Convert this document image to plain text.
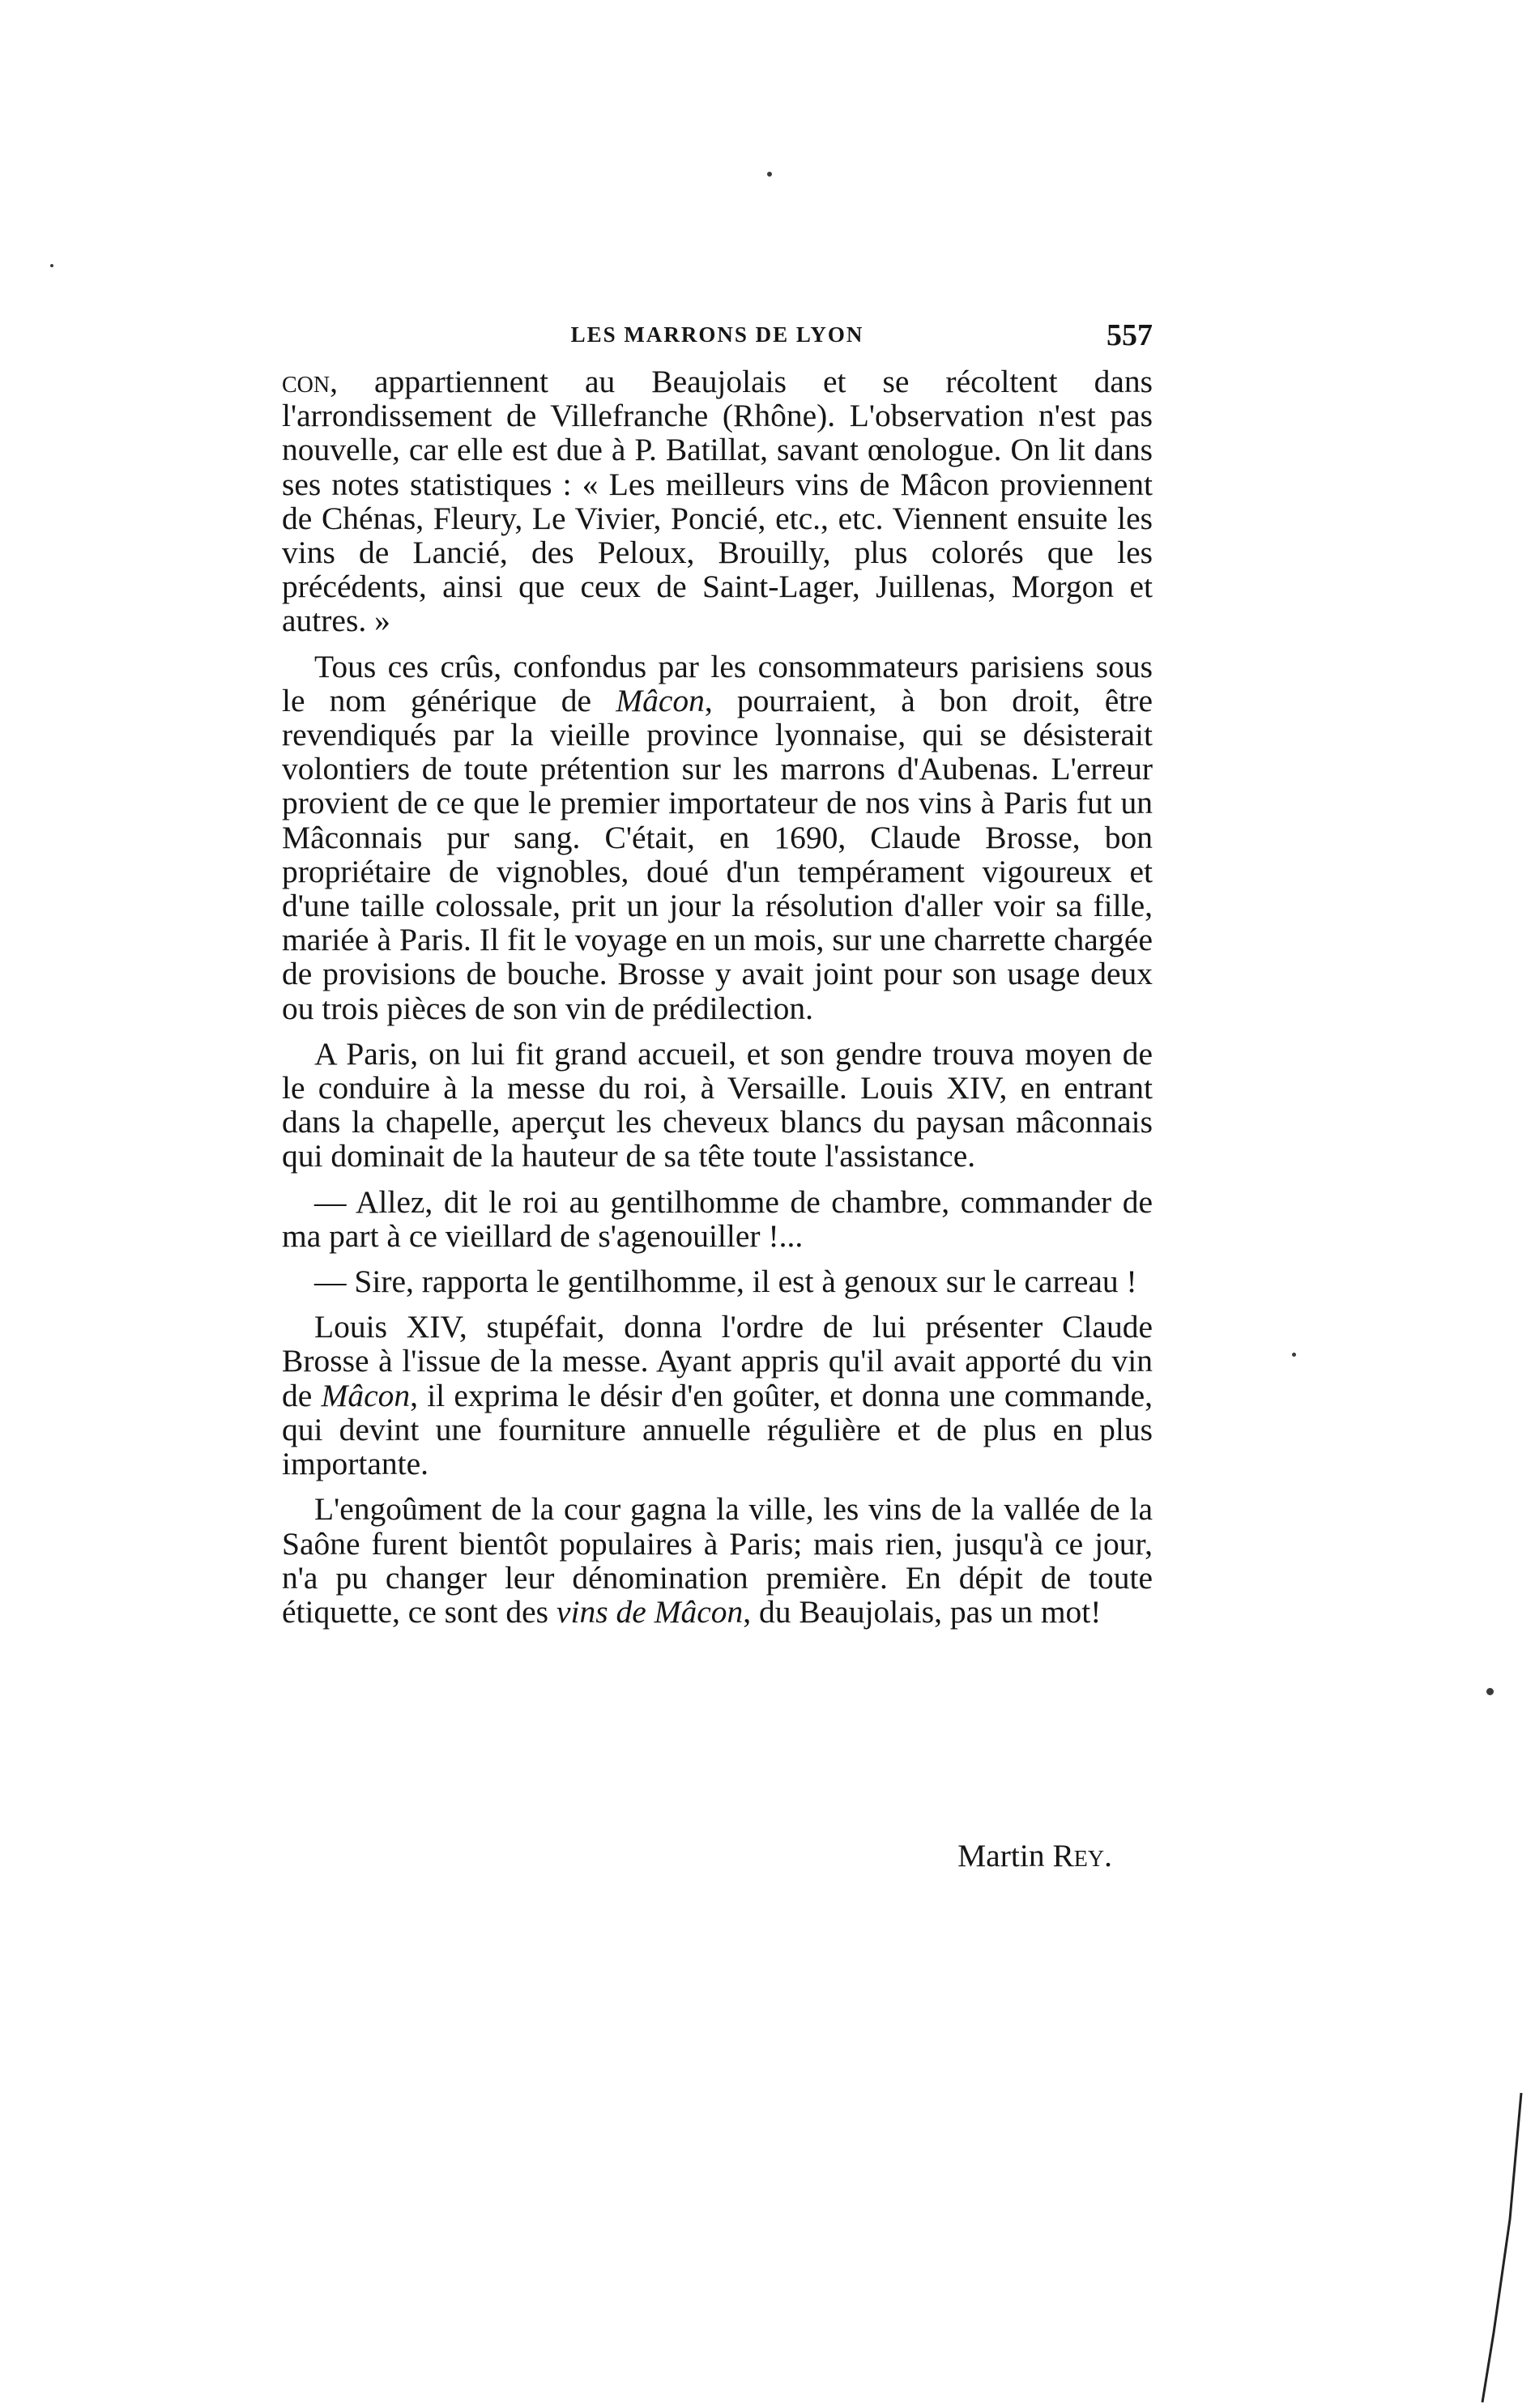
LES MARRONS DE LYON	557

con, appartiennent au Beaujolais et se récoltent dans l'arrondissement de Villefranche (Rhône). L'observation n'est pas nouvelle, car elle est due à P. Batillat, savant œnologue. On lit dans ses notes statistiques : « Les meilleurs vins de Mâcon proviennent de Chénas, Fleury, Le Vivier, Poncié, etc., etc. Viennent ensuite les vins de Lancié, des Peloux, Brouilly, plus colorés que les précédents, ainsi que ceux de Saint-Lager, Juillenas, Morgon et autres. »

Tous ces crûs, confondus par les consommateurs parisiens sous le nom générique de Mâcon, pourraient, à bon droit, être revendiqués par la vieille province lyonnaise, qui se désisterait volontiers de toute prétention sur les marrons d'Aubenas. L'erreur provient de ce que le premier importateur de nos vins à Paris fut un Mâconnais pur sang. C'était, en 1690, Claude Brosse, bon propriétaire de vignobles, doué d'un tempérament vigoureux et d'une taille colossale, prit un jour la résolution d'aller voir sa fille, mariée à Paris. Il fit le voyage en un mois, sur une charrette chargée de provisions de bouche. Brosse y avait joint pour son usage deux ou trois pièces de son vin de prédilection.

A Paris, on lui fit grand accueil, et son gendre trouva moyen de le conduire à la messe du roi, à Versaille. Louis XIV, en entrant dans la chapelle, aperçut les cheveux blancs du paysan mâconnais qui dominait de la hauteur de sa tête toute l'assistance.

— Allez, dit le roi au gentilhomme de chambre, commander de ma part à ce vieillard de s'agenouiller !...

— Sire, rapporta le gentilhomme, il est à genoux sur le carreau !

Louis XIV, stupéfait, donna l'ordre de lui présenter Claude Brosse à l'issue de la messe. Ayant appris qu'il avait apporté du vin de Mâcon, il exprima le désir d'en goûter, et donna une commande, qui devint une fourniture annuelle régulière et de plus en plus importante.

L'engoûment de la cour gagna la ville, les vins de la vallée de la Saône furent bientôt populaires à Paris; mais rien, jusqu'à ce jour, n'a pu changer leur dénomination première. En dépit de toute étiquette, ce sont des vins de Mâcon, du Beaujolais, pas un mot!

Martin Rey.
